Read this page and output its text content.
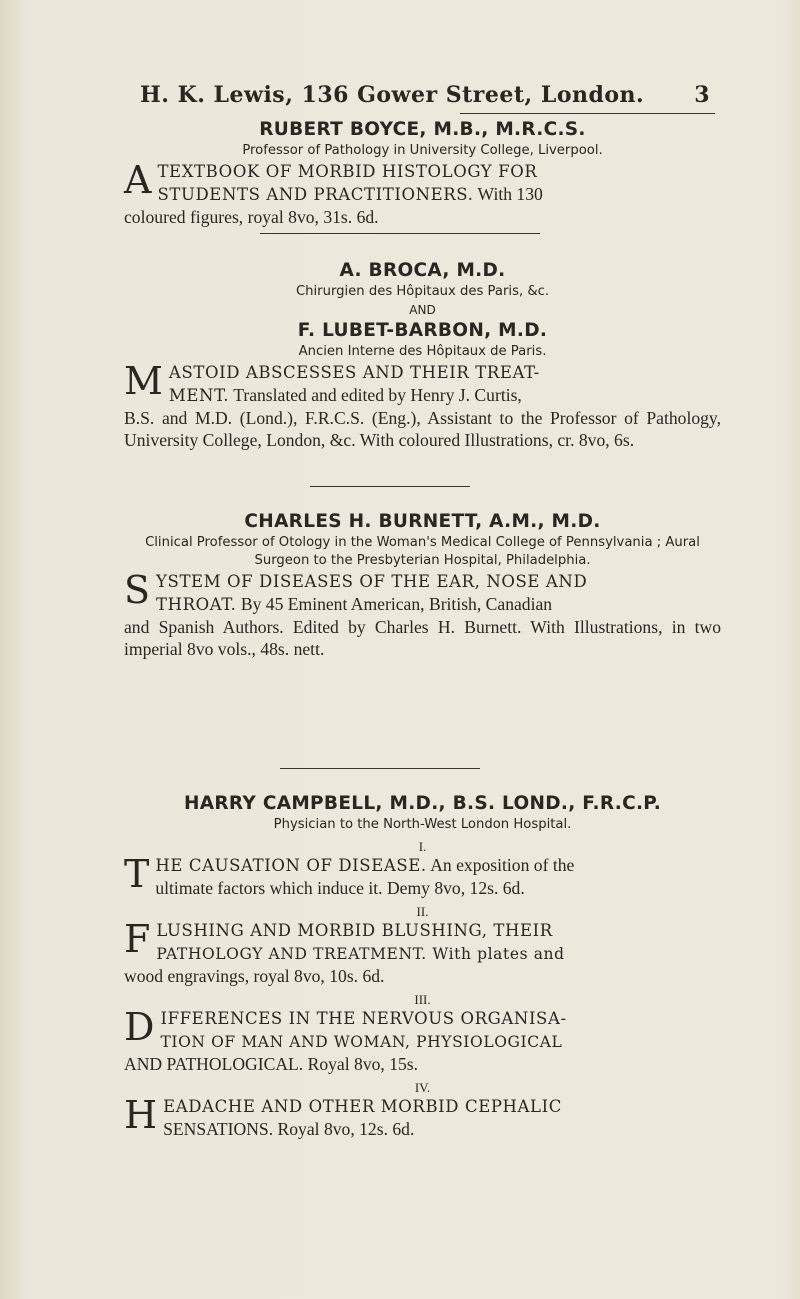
H. K. Lewis, 136 Gower Street, London. 3

RUBERT BOYCE, M.B., M.R.C.S.

Professor of Pathology in University College, Liverpool.

A TEXTBOOK OF MORBID HISTOLOGY FOR
STUDENTS AND PRACTITIONERS. With 130
coloured figures, royal 8vo, 31s. 6d.

A. BROCA, M.D.

Chirurgien des Hôpitaux des Paris, &c.

AND

F. LUBET-BARBON, M.D.

Ancien Interne des Hôpitaux de Paris.

M ASTOID ABSCESSES AND THEIR TREAT-
MENT. Translated and edited by Henry J. Curtis,
B.S. and M.D. (Lond.), F.R.C.S. (Eng.), Assistant to the Professor of Pathology, University College, London, &c. With coloured Illustrations, cr. 8vo, 6s.

CHARLES H. BURNETT, A.M., M.D.

Clinical Professor of Otology in the Woman's Medical College of Pennsylvania ; Aural Surgeon to the Presbyterian Hospital, Philadelphia.

S YSTEM OF DISEASES OF THE EAR, NOSE AND
THROAT. By 45 Eminent American, British, Canadian
and Spanish Authors. Edited by Charles H. Burnett. With Illustrations, in two imperial 8vo vols., 48s. nett.

HARRY CAMPBELL, M.D., B.S. LOND., F.R.C.P.

Physician to the North-West London Hospital.

I.

T HE CAUSATION OF DISEASE. An exposition of the
ultimate factors which induce it. Demy 8vo, 12s. 6d.

II.

F LUSHING AND MORBID BLUSHING, THEIR
PATHOLOGY AND TREATMENT. With plates and
wood engravings, royal 8vo, 10s. 6d.

III.

D IFFERENCES IN THE NERVOUS ORGANISA-
TION OF MAN AND WOMAN, PHYSIOLOGICAL
AND PATHOLOGICAL. Royal 8vo, 15s.

IV.

H EADACHE AND OTHER MORBID CEPHALIC
SENSATIONS. Royal 8vo, 12s. 6d.
